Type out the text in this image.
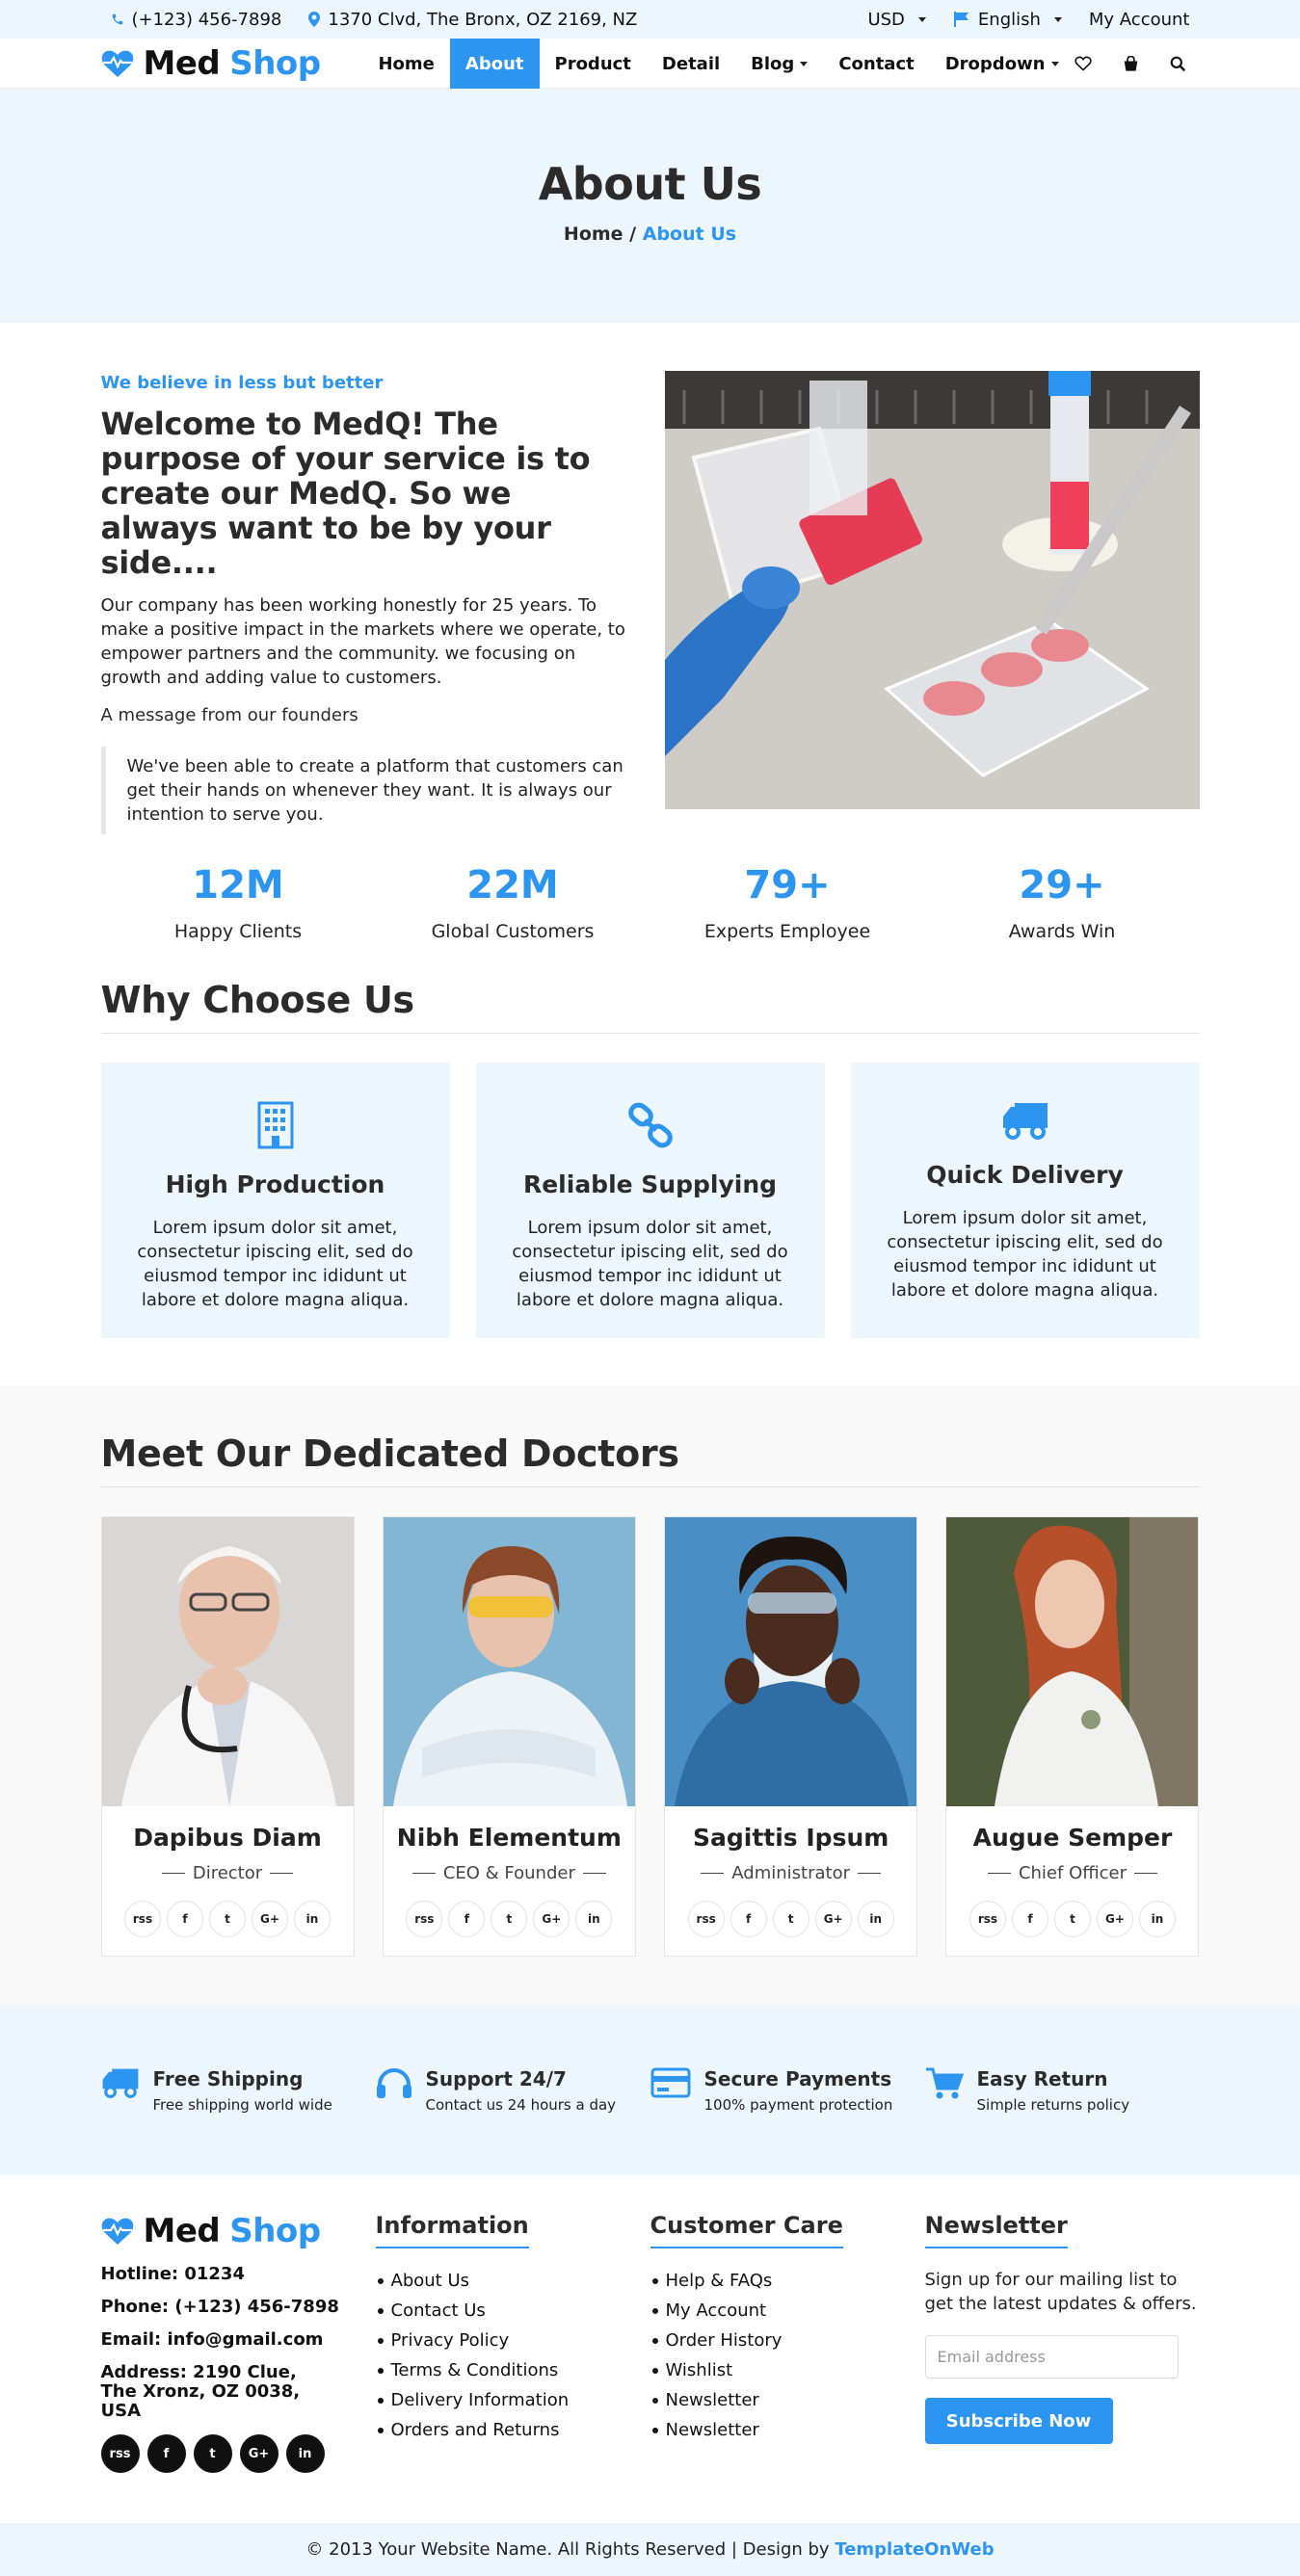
(+123) 456-7898	1370 Clvd, The Bronx, OZ 2169, NZ	USD	English	My Account
Med Shop	Home	About	Product	Detail	Blog	Contact	Dropdown
About Us
Home / About Us
We believe in less but better
Welcome to MedQ! The purpose of your service is to create our MedQ. So we always want to be by your side....

Our company has been working honestly for 25 years. To make a positive impact in the markets where we operate, to empower partners and the community. we focusing on growth and adding value to customers.

A message from our founders

We've been able to create a platform that customers can get their hands on whenever they want. It is always our intention to serve you.
12M
Happy Clients
22M
Global Customers
79+
Experts Employee
29+
Awards Win
Why Choose Us
High Production

Lorem ipsum dolor sit amet, consectetur ipiscing elit, sed do eiusmod tempor inc ididunt ut labore et dolore magna aliqua.

Reliable Supplying

Lorem ipsum dolor sit amet, consectetur ipiscing elit, sed do eiusmod tempor inc ididunt ut labore et dolore magna aliqua.

Quick Delivery

Lorem ipsum dolor sit amet, consectetur ipiscing elit, sed do eiusmod tempor inc ididunt ut labore et dolore magna aliqua.

Meet Our Dedicated Doctors
Dapibus Diam
Director
rss	f	t	G+	in
Nibh Elementum
CEO & Founder
rss	f	t	G+	in
Sagittis Ipsum
Administrator
rss	f	t	G+	in
Augue Semper
Chief Officer
rss	f	t	G+	in
Free Shipping

Free shipping world wide

Support 24/7

Contact us 24 hours a day

Secure Payments

100% payment protection

Easy Return

Simple returns policy

Med Shop
Hotline: 01234
Phone: (+123) 456-7898
Email: info@gmail.com
Address: 2190 Clue, The Xronz, OZ 0038, USA
rss	f	t	G+	in
Information
About Us
Contact Us
Privacy Policy
Terms & Conditions
Delivery Information
Orders and Returns
Customer Care
Help & FAQs
My Account
Order History
Wishlist
Newsletter
Newsletter
Newsletter

Sign up for our mailing list to get the latest updates & offers.

Email address Subscribe Now
© 2013 Your Website Name. All Rights Reserved | Design by TemplateOnWeb
